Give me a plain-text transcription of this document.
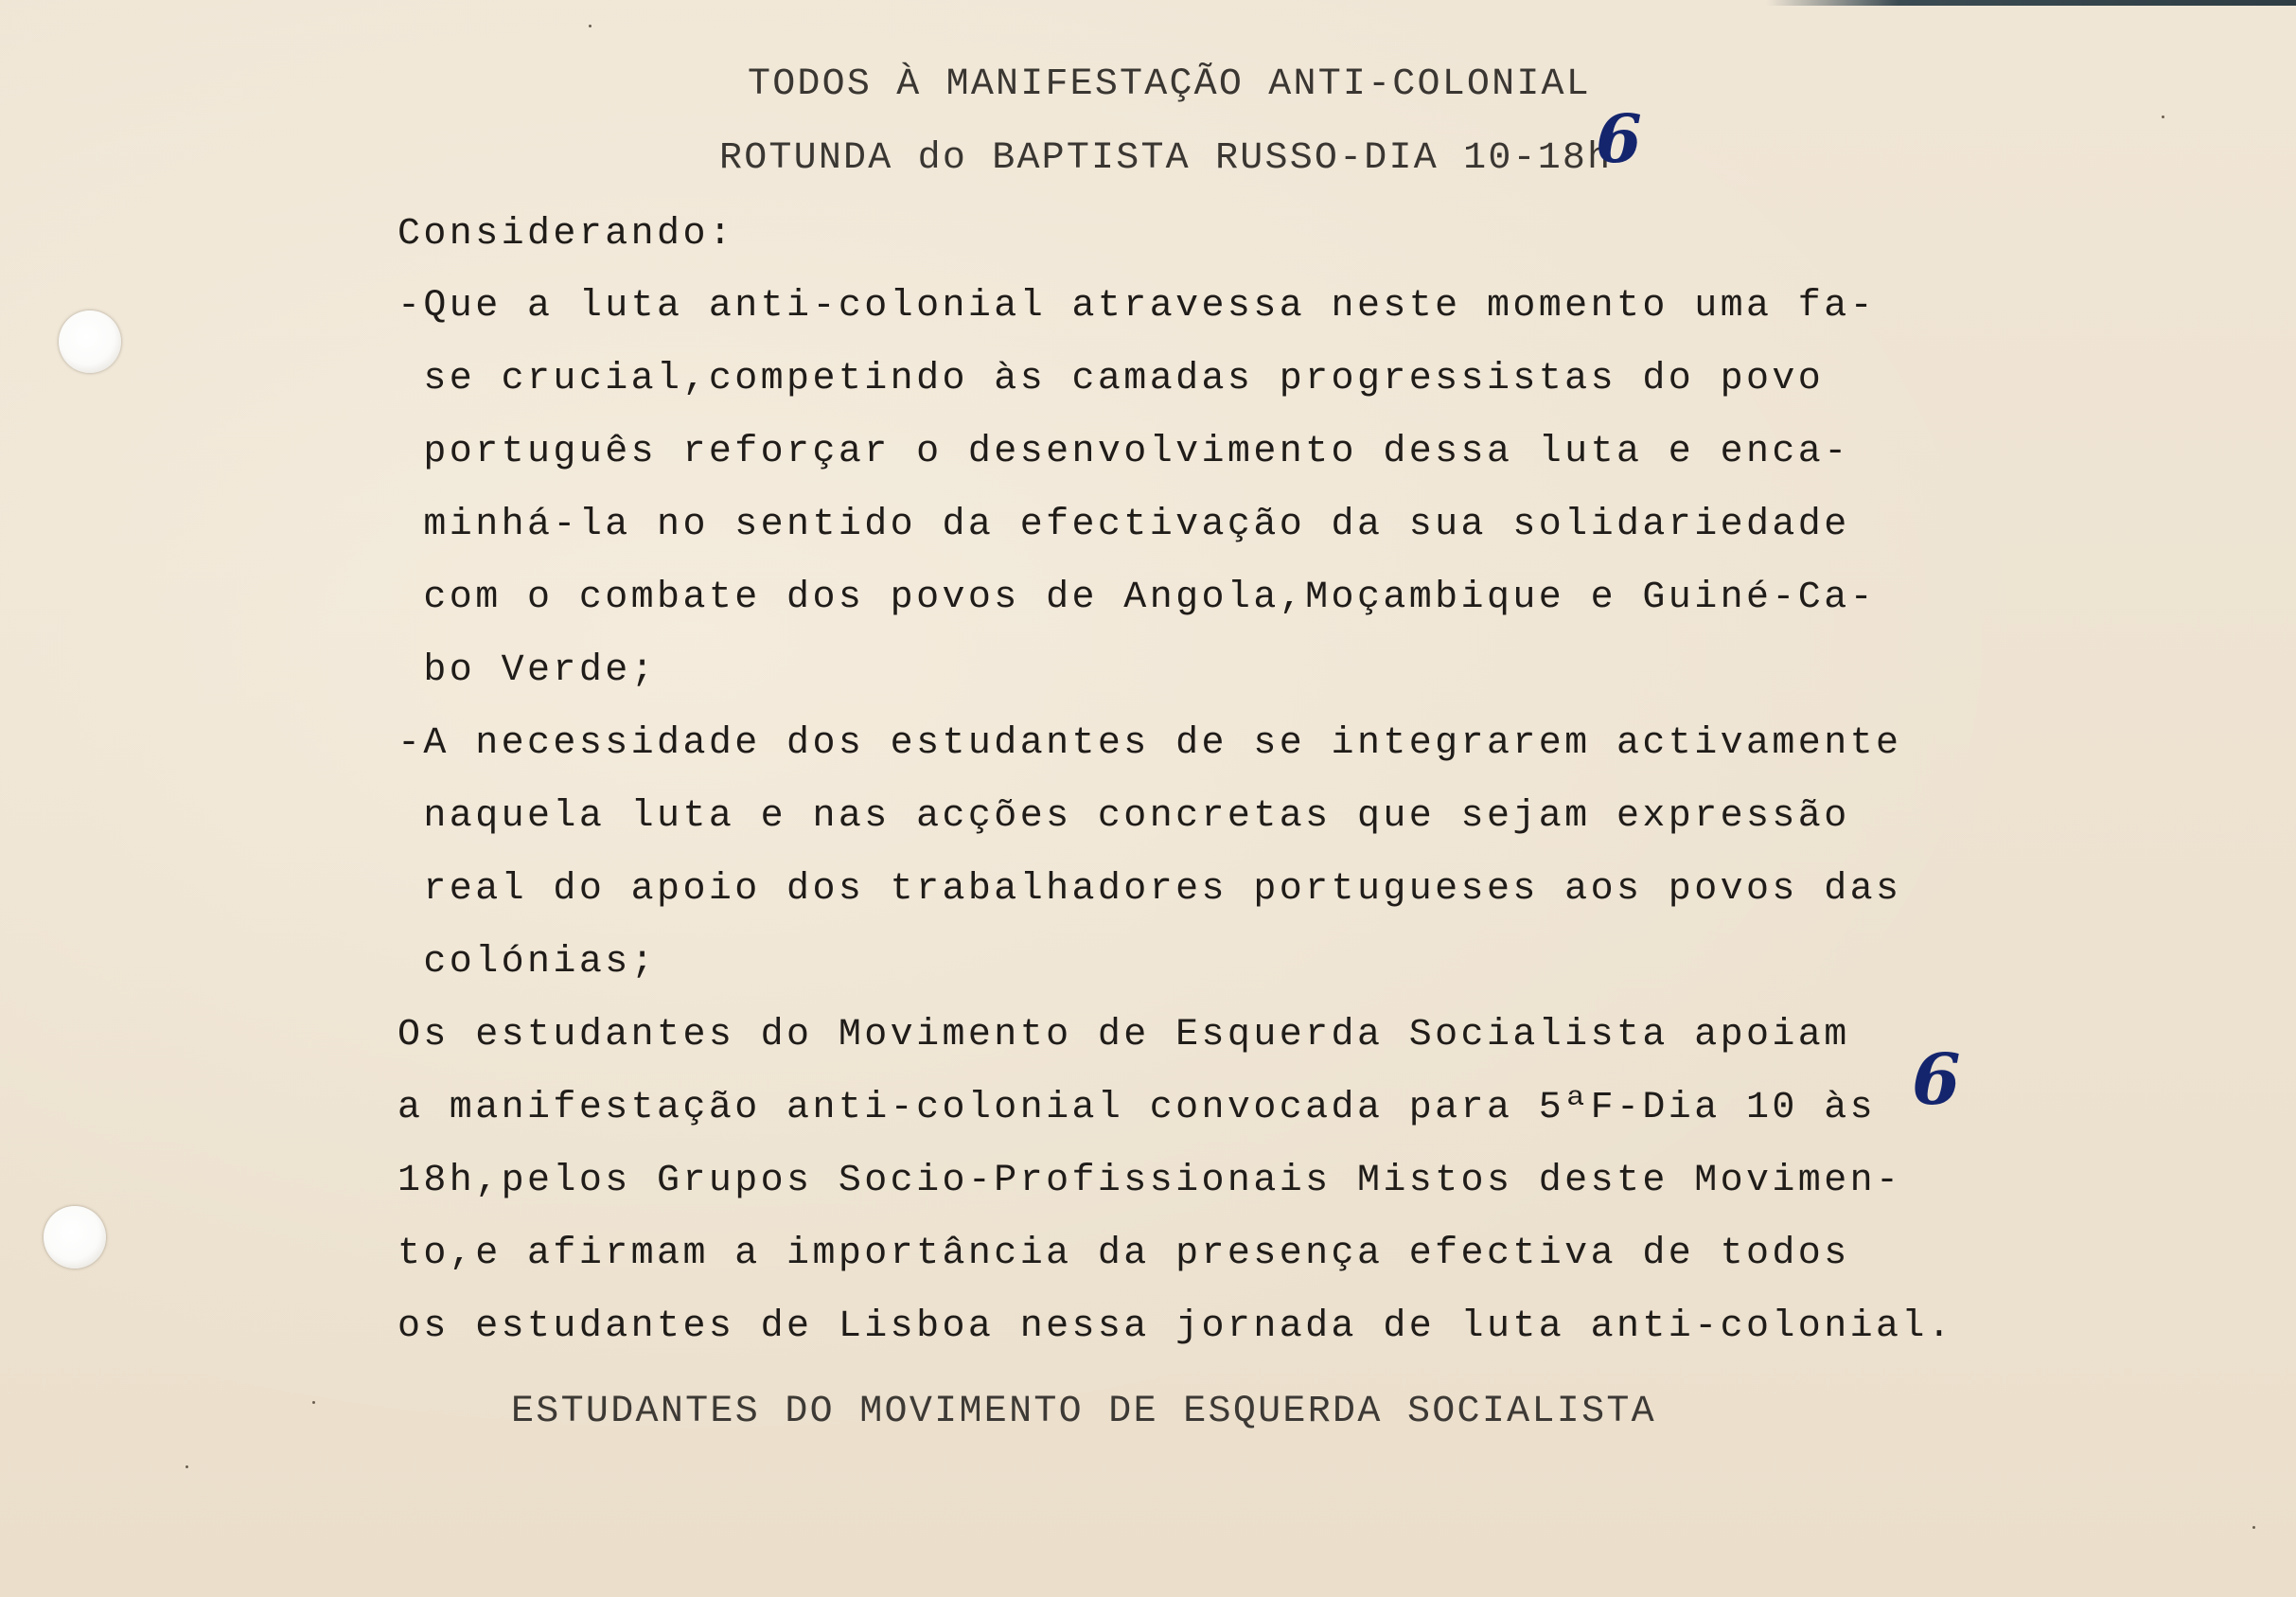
TODOS À MANIFESTAÇÃO ANTI-COLONIAL
ROTUNDA do BAPTISTA RUSSO-DIA 10-18h
6
Considerando:
-Que a luta anti-colonial atravessa neste momento uma fa-
se crucial,competindo às camadas progressistas do povo
português reforçar o desenvolvimento dessa luta e enca-
minhá-la no sentido da efectivação da sua solidariedade
com o combate dos povos de Angola,Moçambique e Guiné-Ca-
bo Verde;
-A necessidade dos estudantes de se integrarem activamente
naquela luta e nas acções concretas que sejam expressão
real do apoio dos trabalhadores portugueses aos povos das
colónias;
Os estudantes do Movimento de Esquerda Socialista apoiam
a manifestação anti-colonial convocada para 5ªF-Dia 10 às
18h,pelos Grupos Socio-Profissionais Mistos deste Movimen-
to,e afirmam a importância da presença efectiva de todos
os estudantes de Lisboa nessa jornada de luta anti-colonial.
6
ESTUDANTES DO MOVIMENTO DE ESQUERDA SOCIALISTA
